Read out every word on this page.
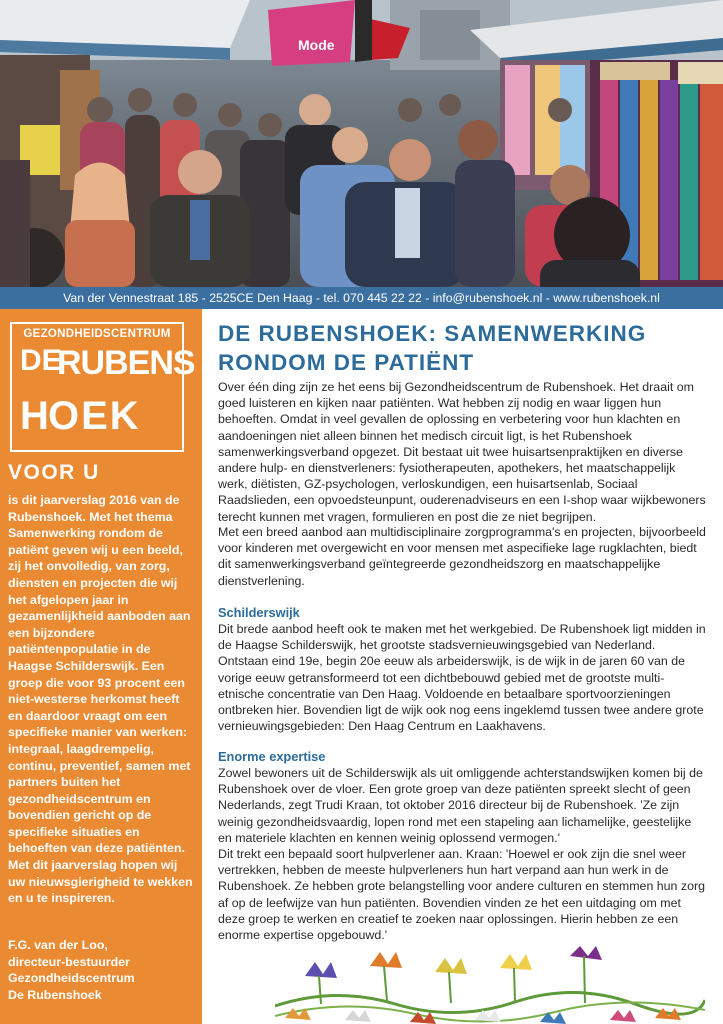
Mode
Van der Vennestraat 185 - 2525CE Den Haag - tel. 070 445 22 22 - info@rubenshoek.nl - www.rubenshoek.nl
GEZONDHEIDSCENTRUM
DE
RUBENS
H OEK
VOOR U

is dit jaarverslag 2016 van de Rubenshoek. Met het thema Samenwerking rondom de patiënt geven wij u een beeld, zij het onvolledig, van zorg, diensten en projecten die wij het afgelopen jaar in gezamenlijkheid aanboden aan een bijzondere patiëntenpopulatie in de Haagse Schilderswijk. Een groep die voor 93 procent een niet-westerse herkomst heeft en daardoor vraagt om een specifieke manier van werken: integraal, laagdrempelig, continu, preventief, samen met partners buiten het gezondheidscentrum en bovendien gericht op de specifieke situaties en behoeften van deze patiënten. Met dit jaarverslag hopen wij uw nieuwsgierigheid te wekken en u te inspireren.

F.G. van der Loo,
directeur-bestuurder
Gezondheidscentrum
De Rubenshoek
DE RUBENSHOEK: SAMENWERKING RONDOM DE PATIËNT

Over één ding zijn ze het eens bij Gezondheidscentrum de Rubenshoek. Het draait om goed luisteren en kijken naar patiënten. Wat hebben zij nodig en waar liggen hun behoeften. Omdat in veel gevallen de oplossing en verbetering voor hun klachten en aandoeningen niet alleen binnen het medisch circuit ligt, is het Rubenshoek samenwerkingsverband opgezet. Dit bestaat uit twee huisartsenpraktijken en diverse andere hulp- en dienstverleners: fysiotherapeuten, apothekers, het maatschappelijk werk, diëtisten, GZ-psychologen, verloskundigen, een huisartsenlab, Sociaal Raadslieden, een opvoedsteunpunt, ouderenadviseurs en een I-shop waar wijkbewoners terecht kunnen met vragen, formulieren en post die ze niet begrijpen.

Met een breed aanbod aan multidisciplinaire zorgprogramma's en projecten, bijvoorbeeld voor kinderen met overgewicht en voor mensen met aspecifieke lage rugklachten, biedt dit samenwerkingsverband geïntegreerde gezondheidszorg en maatschappelijke dienstverlening.

Schilderswijk

Dit brede aanbod heeft ook te maken met het werkgebied. De Rubenshoek ligt midden in de Haagse Schilderswijk, het grootste stadsvernieuwingsgebied van Nederland. Ontstaan eind 19e, begin 20e eeuw als arbeiderswijk, is de wijk in de jaren 60 van de vorige eeuw getransformeerd tot een dichtbebouwd gebied met de grootste multi-etnische concentratie van Den Haag. Voldoende en betaalbare sportvoorzieningen ontbreken hier. Bovendien ligt de wijk ook nog eens ingeklemd tussen twee andere grote vernieuwingsgebieden: Den Haag Centrum en Laakhavens.

Enorme expertise

Zowel bewoners uit de Schilderswijk als uit omliggende achterstandswijken komen bij de Rubenshoek over de vloer. Een grote groep van deze patiënten spreekt slecht of geen Nederlands, zegt Trudi Kraan, tot oktober 2016 directeur bij de Rubenshoek. 'Ze zijn weinig gezondheidsvaardig, lopen rond met een stapeling aan lichamelijke, geestelijke en materiele klachten en kennen weinig oplossend vermogen.'

Dit trekt een bepaald soort hulpverlener aan. Kraan: 'Hoewel er ook zijn die snel weer vertrekken, hebben de meeste hulpverleners hun hart verpand aan hun werk in de Rubenshoek. Ze hebben grote belangstelling voor andere culturen en stemmen hun zorg af op de leefwijze van hun patiënten. Bovendien vinden ze het een uitdaging om met deze groep te werken en creatief te zoeken naar oplossingen. Hierin hebben ze een enorme expertise opgebouwd.'
